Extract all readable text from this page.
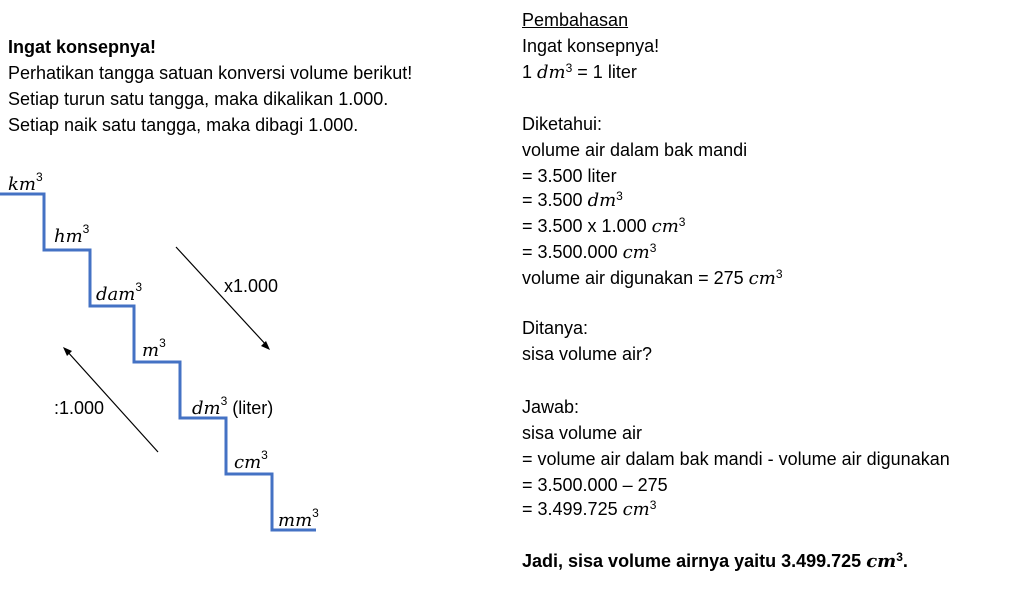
Ingat konsepnya!
Perhatikan tangga satuan konversi volume berikut!
Setiap turun satu tangga, maka dikalikan 1.000.
Setiap naik satu tangga, maka dibagi 1.000.
$km^3$
$hm^3$
dam$^3$
$m^3$
$dm^3$ (liter)
$cm^3$
$mm^3$
x1.000
:1.000
Pembahasan
Ingat konsepnya!
1 $dm^3 = 1$ liter
Diketahui:
volume air dalam bak mandi
= 3.500 liter
= 3.500 $dm^3$
= 3.500 x 1.000 $cm^3$
= 3.500.000 $cm^3$
volume air digunakan = 275 $cm^3$
Ditanya:
sisa volume air?
Jawab:
sisa volume air
= volume air dalam bak mandi - volume air digunakan
= 3.500.000 – 275
= 3.499.725 $cm^3$
Jadi, sisa volume airnya yaitu 3.499.725 $cm^3$.
